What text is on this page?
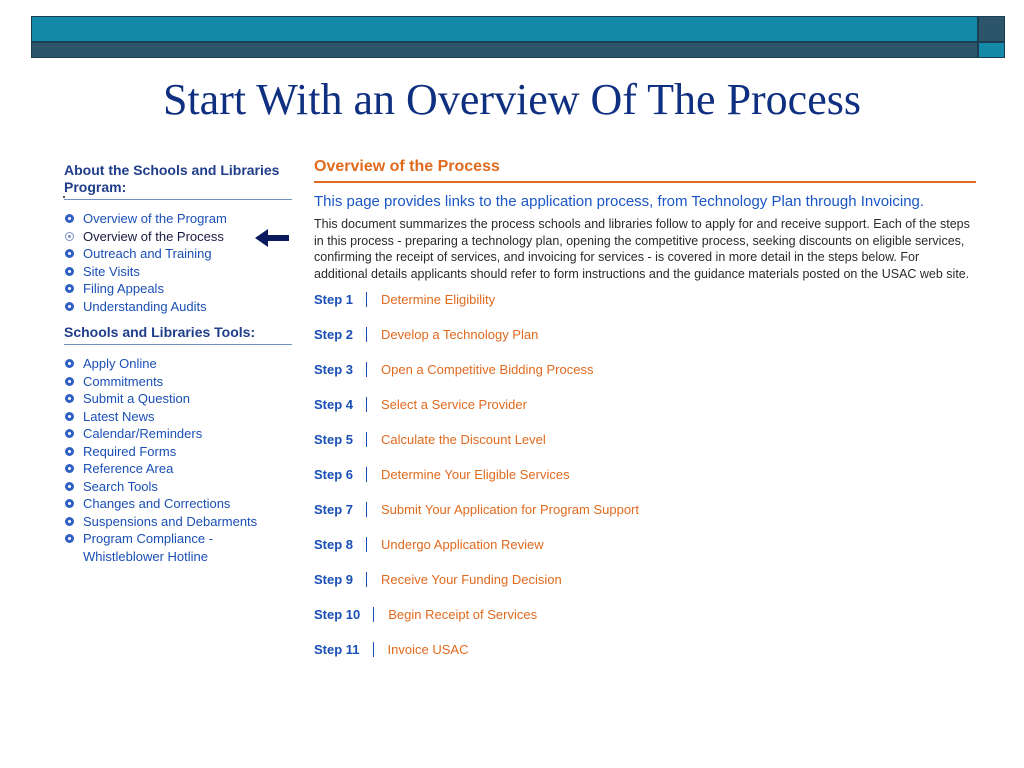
Start With an Overview Of The Process
About the Schools and Libraries Program:
Overview of the Program
Overview of the Process
Outreach and Training
Site Visits
Filing Appeals
Understanding Audits
Schools and Libraries Tools:
Apply Online
Commitments
Submit a Question
Latest News
Calendar/Reminders
Required Forms
Reference Area
Search Tools
Changes and Corrections
Suspensions and Debarments
Program Compliance - Whistleblower Hotline
Overview of the Process
This page provides links to the application process, from Technology Plan through Invoicing.
This document summarizes the process schools and libraries follow to apply for and receive support. Each of the steps in this process - preparing a technology plan, opening the competitive process, seeking discounts on eligible services, confirming the receipt of services, and invoicing for services - is covered in more detail in the steps below. For additional details applicants should refer to form instructions and the guidance materials posted on the USAC web site.
Step 1 Determine Eligibility
Step 2 Develop a Technology Plan
Step 3 Open a Competitive Bidding Process
Step 4 Select a Service Provider
Step 5 Calculate the Discount Level
Step 6 Determine Your Eligible Services
Step 7 Submit Your Application for Program Support
Step 8 Undergo Application Review
Step 9 Receive Your Funding Decision
Step 10 Begin Receipt of Services
Step 11 Invoice USAC
